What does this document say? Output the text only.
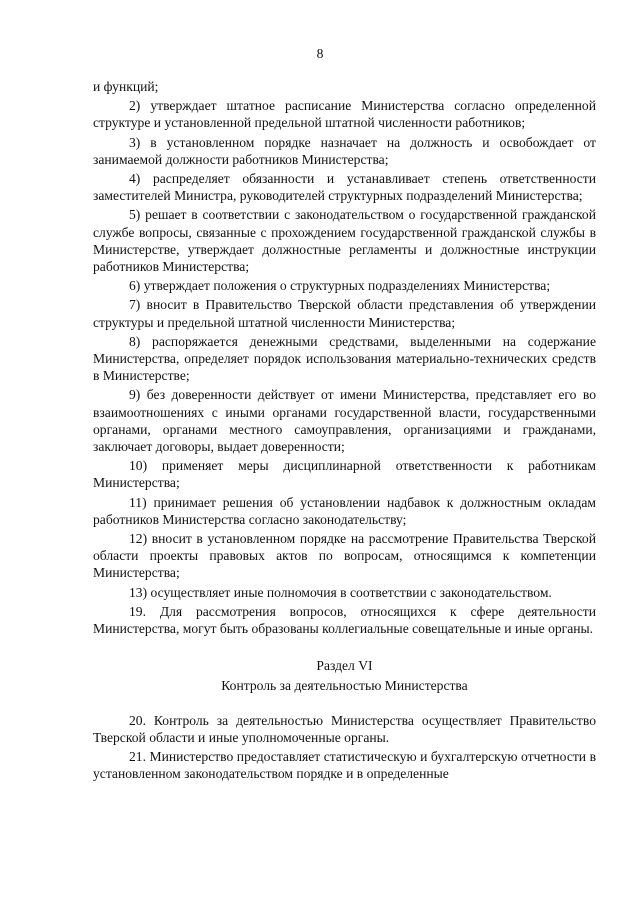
8

и функций;

2) утверждает штатное расписание Министерства согласно определенной структуре и установленной предельной штатной численности работников;

3) в установленном порядке назначает на должность и освобождает от занимаемой должности работников Министерства;

4) распределяет обязанности и устанавливает степень ответственности заместителей Министра, руководителей структурных подразделений Министерства;

5) решает в соответствии с законодательством о государственной гражданской службе вопросы, связанные с прохождением государственной гражданской службы в Министерстве, утверждает должностные регламенты и должностные инструкции работников Министерства;

6) утверждает положения о структурных подразделениях Министерства;

7) вносит в Правительство Тверской области представления об утверждении структуры и предельной штатной численности Министерства;

8) распоряжается денежными средствами, выделенными на содержание Министерства, определяет порядок использования материально-технических средств в Министерстве;

9) без доверенности действует от имени Министерства, представляет его во взаимоотношениях с иными органами государственной власти, государственными органами, органами местного самоуправления, организациями и гражданами, заключает договоры, выдает доверенности;

10) применяет меры дисциплинарной ответственности к работникам Министерства;

11) принимает решения об установлении надбавок к должностным окладам работников Министерства согласно законодательству;

12) вносит в установленном порядке на рассмотрение Правительства Тверской области проекты правовых актов по вопросам, относящимся к компетенции Министерства;

13) осуществляет иные полномочия в соответствии с законодательством.

19. Для рассмотрения вопросов, относящихся к сфере деятельности Министерства, могут быть образованы коллегиальные совещательные и иные органы.

Раздел VI
Контроль за деятельностью Министерства

20. Контроль за деятельностью Министерства осуществляет Правительство Тверской области и иные уполномоченные органы.

21. Министерство предоставляет статистическую и бухгалтерскую отчетности в установленном законодательством порядке и в определенные
